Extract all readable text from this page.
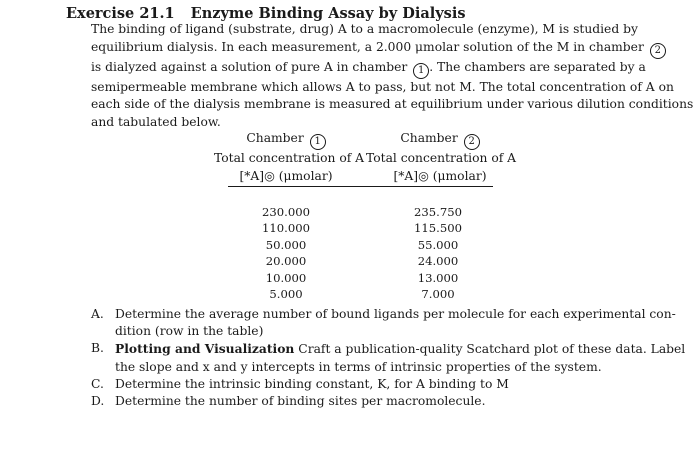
Exercise 21.1 Enzyme Binding Assay by Dialysis
The binding of ligand (substrate, drug) A to a macromolecule (enzyme), M is studied by
equilibrium dialysis. In each measurement, a 2.000 μmolar solution of the M in chamber 2
is dialyzed against a solution of pure A in chamber 1 . The chambers are separated by a
semipermeable membrane which allows A to pass, but not M. The total concentration of A on
each side of the dialysis membrane is measured at equilibrium under various dilution conditions
and tabulated below.
Chamber 1
Total concentration of A
[*A]◎ (μmolar)
Chamber 2
Total concentration of A
[*A]◎ (μmolar)
230.000
110.000
50.000
20.000
10.000
5.000
235.750
115.500
55.000
24.000
13.000
7.000
A. Determine the average number of bound ligands per molecule for each experimental con-
dition (row in the table)
B. Plotting and Visualization Craft a publication-quality Scatchard plot of these data. Label
the slope and x and y intercepts in terms of intrinsic properties of the system.
C. Determine the intrinsic binding constant, K, for A binding to M
D. Determine the number of binding sites per macromolecule.
